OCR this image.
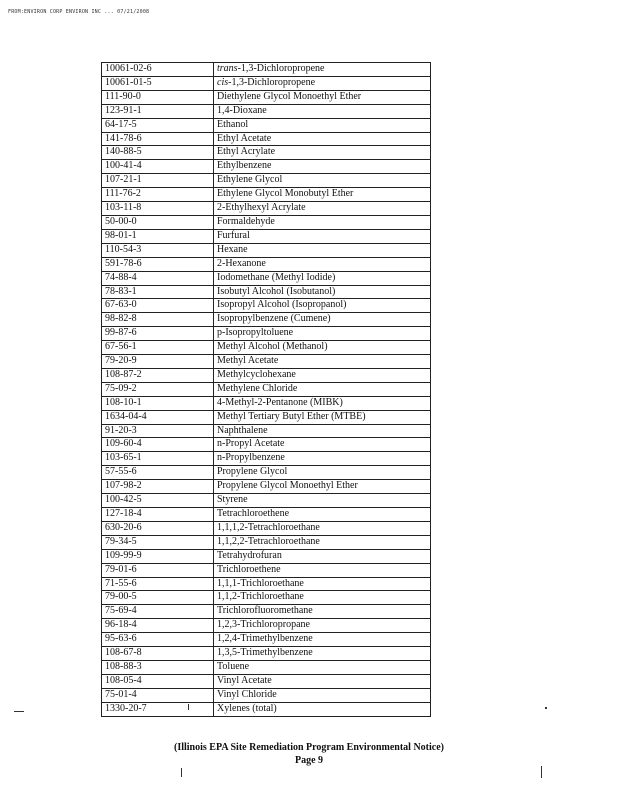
FROM:ENVIRON CORP ENVIRON INC ... 07/21/2008
10061-02-6	trans-1,3-Dichloropropene
10061-01-5	cis-1,3-Dichloropropene
111-90-0	Diethylene Glycol Monoethyl Ether
123-91-1	1,4-Dioxane
64-17-5	Ethanol
141-78-6	Ethyl Acetate
140-88-5	Ethyl Acrylate
100-41-4	Ethylbenzene
107-21-1	Ethylene Glycol
111-76-2	Ethylene Glycol Monobutyl Ether
103-11-8	2-Ethylhexyl Acrylate
50-00-0	Formaldehyde
98-01-1	Furfural
110-54-3	Hexane
591-78-6	2-Hexanone
74-88-4	Iodomethane (Methyl Iodide)
78-83-1	Isobutyl Alcohol (Isobutanol)
67-63-0	Isopropyl Alcohol (Isopropanol)
98-82-8	Isopropylbenzene (Cumene)
99-87-6	p-Isopropyltoluene
67-56-1	Methyl Alcohol (Methanol)
79-20-9	Methyl Acetate
108-87-2	Methylcyclohexane
75-09-2	Methylene Chloride
108-10-1	4-Methyl-2-Pentanone (MIBK)
1634-04-4	Methyl Tertiary Butyl Ether (MTBE)
91-20-3	Naphthalene
109-60-4	n-Propyl Acetate
103-65-1	n-Propylbenzene
57-55-6	Propylene Glycol
107-98-2	Propylene Glycol Monoethyl Ether
100-42-5	Styrene
127-18-4	Tetrachloroethene
630-20-6	1,1,1,2-Tetrachloroethane
79-34-5	1,1,2,2-Tetrachloroethane
109-99-9	Tetrahydrofuran
79-01-6	Trichloroethene
71-55-6	1,1,1-Trichloroethane
79-00-5	1,1,2-Trichloroethane
75-69-4	Trichlorofluoromethane
96-18-4	1,2,3-Trichloropropane
95-63-6	1,2,4-Trimethylbenzene
108-67-8	1,3,5-Trimethylbenzene
108-88-3	Toluene
108-05-4	Vinyl Acetate
75-01-4	Vinyl Chloride
1330-20-7	Xylenes (total)
(Illinois EPA Site Remediation Program Environmental Notice)
Page 9
